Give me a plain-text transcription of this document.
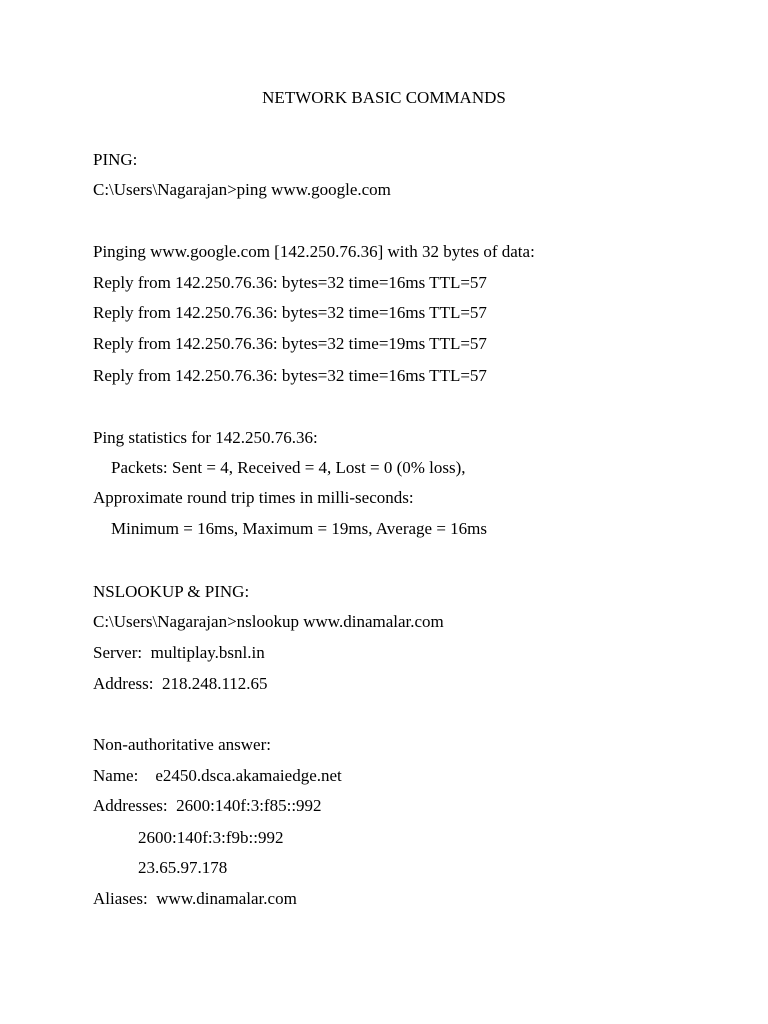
NETWORK BASIC COMMANDS
PING:
C:\Users\Nagarajan>ping www.google.com
Pinging www.google.com [142.250.76.36] with 32 bytes of data:
Reply from 142.250.76.36: bytes=32 time=16ms TTL=57
Reply from 142.250.76.36: bytes=32 time=16ms TTL=57
Reply from 142.250.76.36: bytes=32 time=19ms TTL=57
Reply from 142.250.76.36: bytes=32 time=16ms TTL=57
Ping statistics for 142.250.76.36:
Packets: Sent = 4, Received = 4, Lost = 0 (0% loss),
Approximate round trip times in milli-seconds:
Minimum = 16ms, Maximum = 19ms, Average = 16ms
NSLOOKUP & PING:
C:\Users\Nagarajan>nslookup www.dinamalar.com
Server:  multiplay.bsnl.in
Address:  218.248.112.65
Non-authoritative answer:
Name:    e2450.dsca.akamaiedge.net
Addresses:  2600:140f:3:f85::992
2600:140f:3:f9b::992
23.65.97.178
Aliases:  www.dinamalar.com
